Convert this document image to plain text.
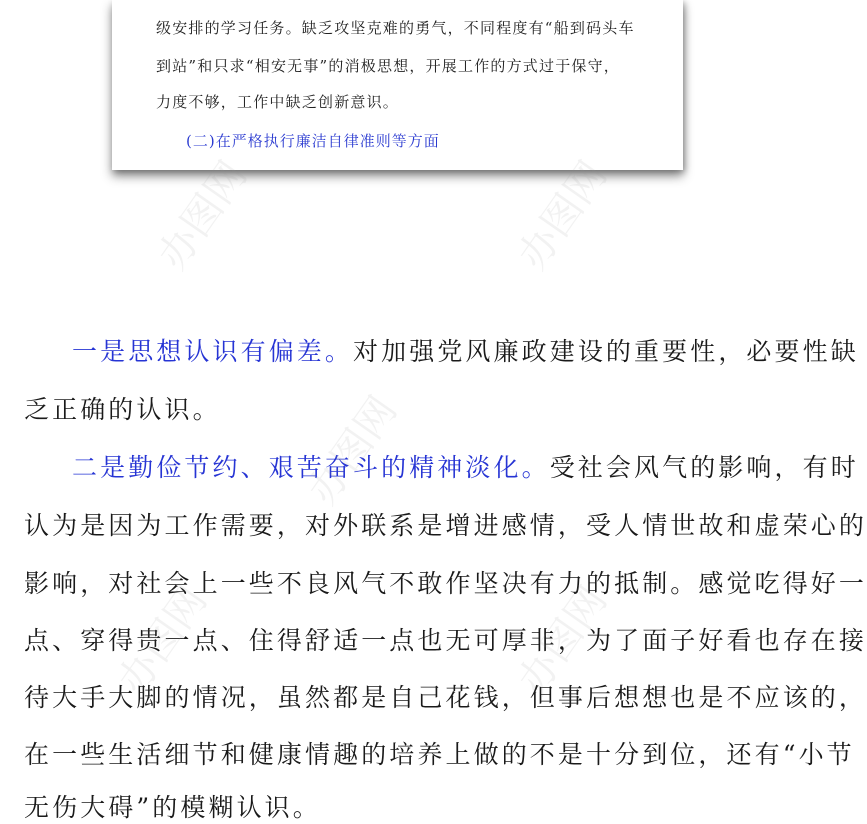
级安排的学习任务。缺乏攻坚克难的勇气，不同程度有“船到码头车
到站”和只求“相安无事”的消极思想，开展工作的方式过于保守，
力度不够，工作中缺乏创新意识。
(二)在严格执行廉洁自律准则等方面
一是思想认识有偏差。对加强党风廉政建设的重要性，必要性缺
乏正确的认识。
二是勤俭节约、艰苦奋斗的精神淡化。受社会风气的影响，有时
认为是因为工作需要，对外联系是增进感情，受人情世故和虚荣心的
影响，对社会上一些不良风气不敢作坚决有力的抵制。感觉吃得好一
点、穿得贵一点、住得舒适一点也无可厚非，为了面子好看也存在接
待大手大脚的情况，虽然都是自己花钱，但事后想想也是不应该的，
在一些生活细节和健康情趣的培养上做的不是十分到位，还有“小节
无伤大碍”的模糊认识。
办图网	办图网
办图网
办图网	办图网
